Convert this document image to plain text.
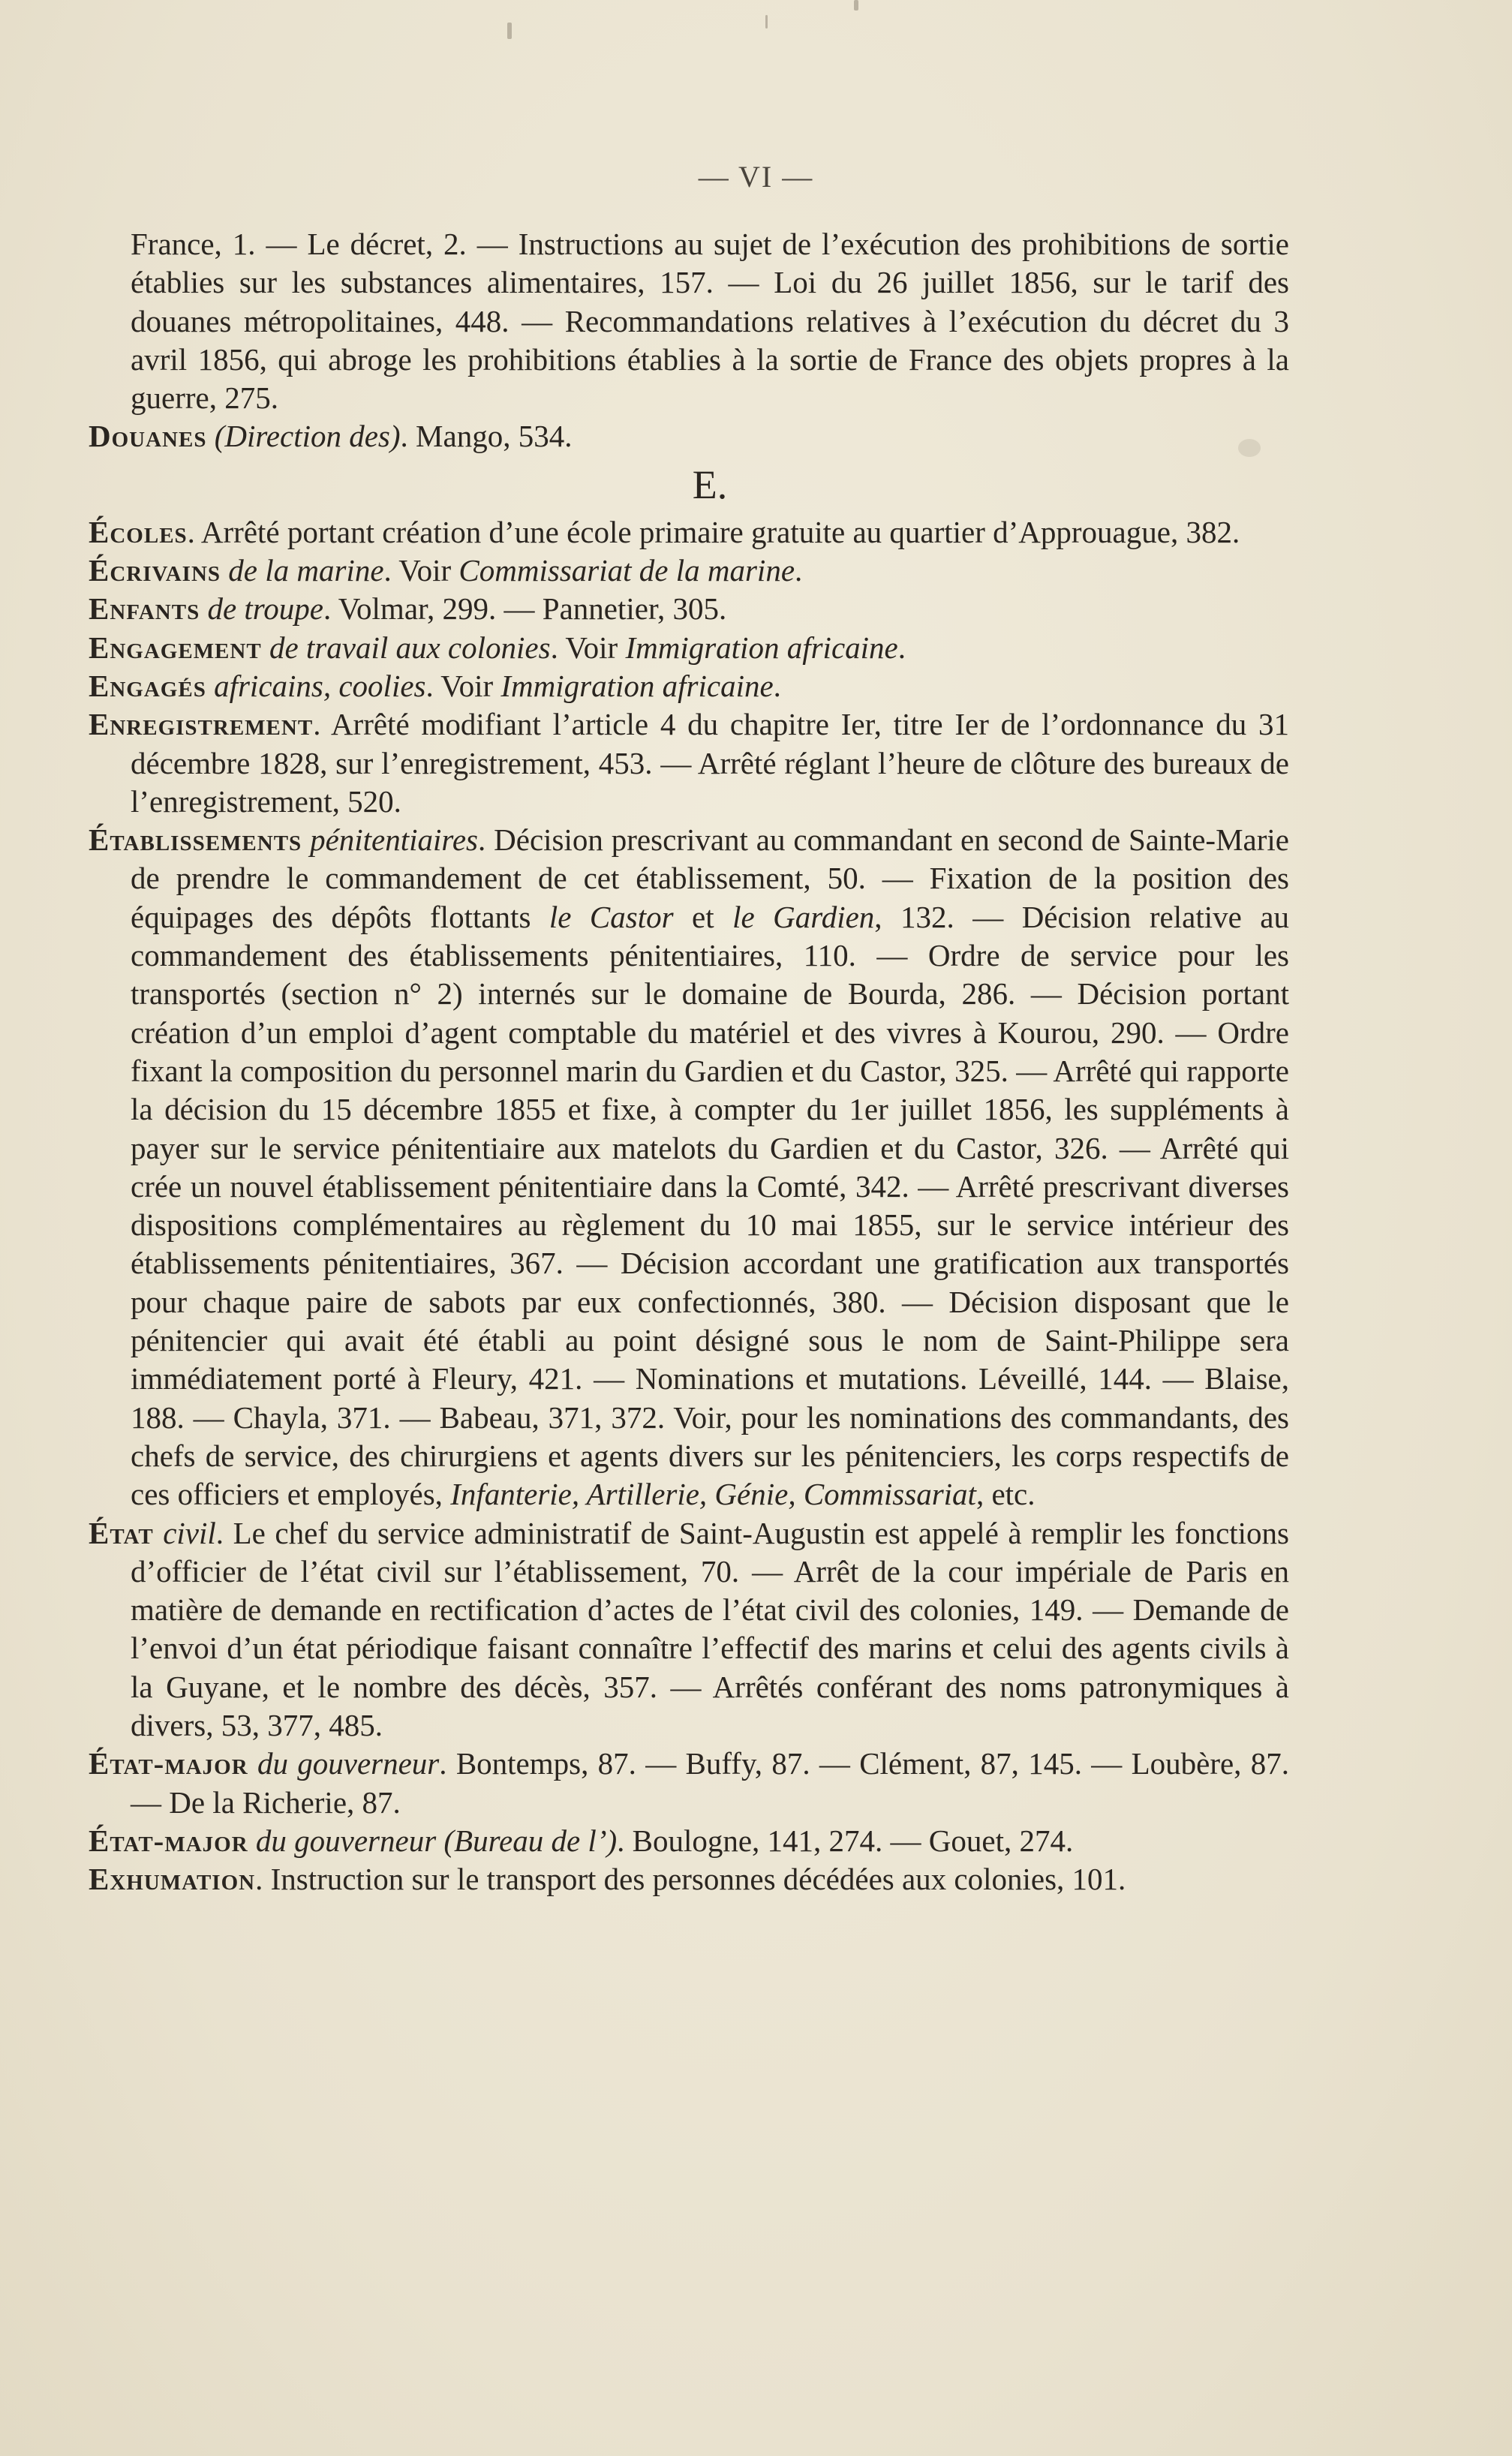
— VI —

France, 1. — Le décret, 2. — Instructions au sujet de l’exécution des prohibitions de sortie établies sur les substances alimentaires, 157. — Loi du 26 juillet 1856, sur le tarif des douanes métropolitaines, 448. — Recommandations relatives à l’exécution du décret du 3 avril 1856, qui abroge les prohibitions établies à la sortie de France des objets propres à la guerre, 275.

Douanes (Direction des). Mango, 534.

E.

Écoles. Arrêté portant création d’une école primaire gratuite au quartier d’Approuague, 382.

Écrivains de la marine. Voir Commissariat de la marine.

Enfants de troupe. Volmar, 299. — Pannetier, 305.

Engagement de travail aux colonies. Voir Immigration africaine.

Engagés africains, coolies. Voir Immigration africaine.

Enregistrement. Arrêté modifiant l’article 4 du chapitre Ier, titre Ier de l’ordonnance du 31 décembre 1828, sur l’enregistrement, 453. — Arrêté réglant l’heure de clôture des bureaux de l’enregistrement, 520.

Établissements pénitentiaires. Décision prescrivant au commandant en second de Sainte-Marie de prendre le commandement de cet établissement, 50. — Fixation de la position des équipages des dépôts flottants le Castor et le Gardien, 132. — Décision relative au commandement des établissements pénitentiaires, 110. — Ordre de service pour les transportés (section n° 2) internés sur le domaine de Bourda, 286. — Décision portant création d’un emploi d’agent comptable du matériel et des vivres à Kourou, 290. — Ordre fixant la composition du personnel marin du Gardien et du Castor, 325. — Arrêté qui rapporte la décision du 15 décembre 1855 et fixe, à compter du 1er juillet 1856, les suppléments à payer sur le service pénitentiaire aux matelots du Gardien et du Castor, 326. — Arrêté qui crée un nouvel établissement pénitentiaire dans la Comté, 342. — Arrêté prescrivant diverses dispositions complémentaires au règlement du 10 mai 1855, sur le service intérieur des établissements pénitentiaires, 367. — Décision accordant une gratification aux transportés pour chaque paire de sabots par eux confectionnés, 380. — Décision disposant que le pénitencier qui avait été établi au point désigné sous le nom de Saint-Philippe sera immédiatement porté à Fleury, 421. — Nominations et mutations. Léveillé, 144. — Blaise, 188. — Chayla, 371. — Babeau, 371, 372. Voir, pour les nominations des commandants, des chefs de service, des chirurgiens et agents divers sur les pénitenciers, les corps respectifs de ces officiers et employés, Infanterie, Artillerie, Génie, Commissariat, etc.

État civil. Le chef du service administratif de Saint-Augustin est appelé à remplir les fonctions d’officier de l’état civil sur l’établissement, 70. — Arrêt de la cour impériale de Paris en matière de demande en rectification d’actes de l’état civil des colonies, 149. — Demande de l’envoi d’un état périodique faisant connaître l’effectif des marins et celui des agents civils à la Guyane, et le nombre des décès, 357. — Arrêtés conférant des noms patronymiques à divers, 53, 377, 485.

État-major du gouverneur. Bontemps, 87. — Buffy, 87. — Clément, 87, 145. — Loubère, 87. — De la Richerie, 87.

État-major du gouverneur (Bureau de l’). Boulogne, 141, 274. — Gouet, 274.

Exhumation. Instruction sur le transport des personnes décédées aux colonies, 101.
